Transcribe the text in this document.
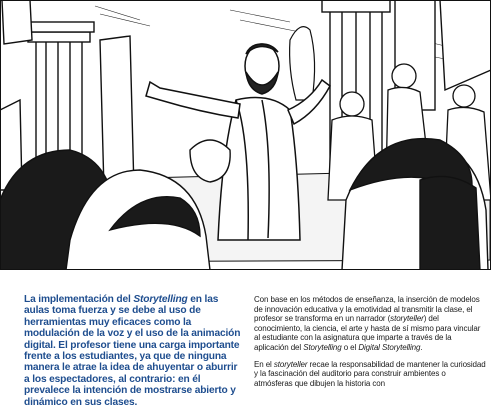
La implementación del Storytelling en las aulas toma fuerza y se debe al uso de herramientas muy eficaces como la modulación de la voz y el uso de la animación digital. El profesor tiene una carga importante frente a los estudiantes, ya que de ninguna manera le atrae la idea de ahuyentar o aburrir a los espectadores, al contrario: en él prevalece la intención de mostrarse abierto y dinámico en sus clases.

Con base en los métodos de enseñanza, la inserción de modelos de innovación educativa y la emotividad al transmitir la clase, el profesor se transforma en un narrador (storyteller) del conocimiento, la ciencia, el arte y hasta de sí mismo para vincular al estudiante con la asignatura que imparte a través de la aplicación del Storytelling o el Digital Storytelling.

En el storyteller recae la responsabilidad de mantener la curiosidad y la fascinación del auditorio para construir ambientes o atmósferas que dibujen la historia con
